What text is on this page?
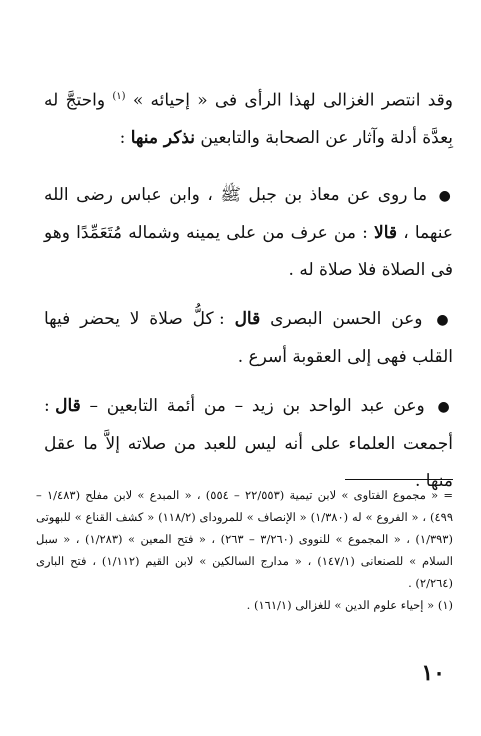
وقد انتصر الغزالى لهذا الرأى فى « إحيائه » $^{(١)}$ واحتجَّ له بِعدَّة أدلة وآثار عن الصحابة والتابعين نذكر منها :

● ما روى عن معاذ بن جبل ﷺ ، وابن عباس رضى الله عنهما ، قالا : من عرف من على يمينه وشماله مُتَعَمِّدًا وهو فى الصلاة فلا صلاة له .

● وعن الحسن البصرى قال : كلُّ صلاة لا يحضر فيها القلب فهى إلى العقوبة أسرع .

● وعن عبد الواحد بن زيد – من أئمة التابعين – قال : أجمعت العلماء على أنه ليس للعبد من صلاته إلاَّ ما عقل منها .

= « مجموع الفتاوى » لابن تيمية (٢٢/٥٥٣ – ٥٥٤) ، « المبدع » لابن مفلح (١/٤٨٣ – ٤٩٩) ، « الفروع » له (١/٣٨٠) « الإنصاف » للمرودای (١١٨/٢) « كشف القناع » للبهوتى (١/٣٩٣) ، « المجموع » للنووى (٣/٢٦٠ – ٢٦٣) ، « فتح المعين » (١/٢٨٣) ، « سبل السلام » للصنعانى (١٤٧/١) ، « مدارج السالكين » لابن القيم (١/١١٢) ، فتح البارى (٢/٢٦٤) .

(١) « إحياء علوم الدين » للغزالى (١٦١/١) .

١٠
